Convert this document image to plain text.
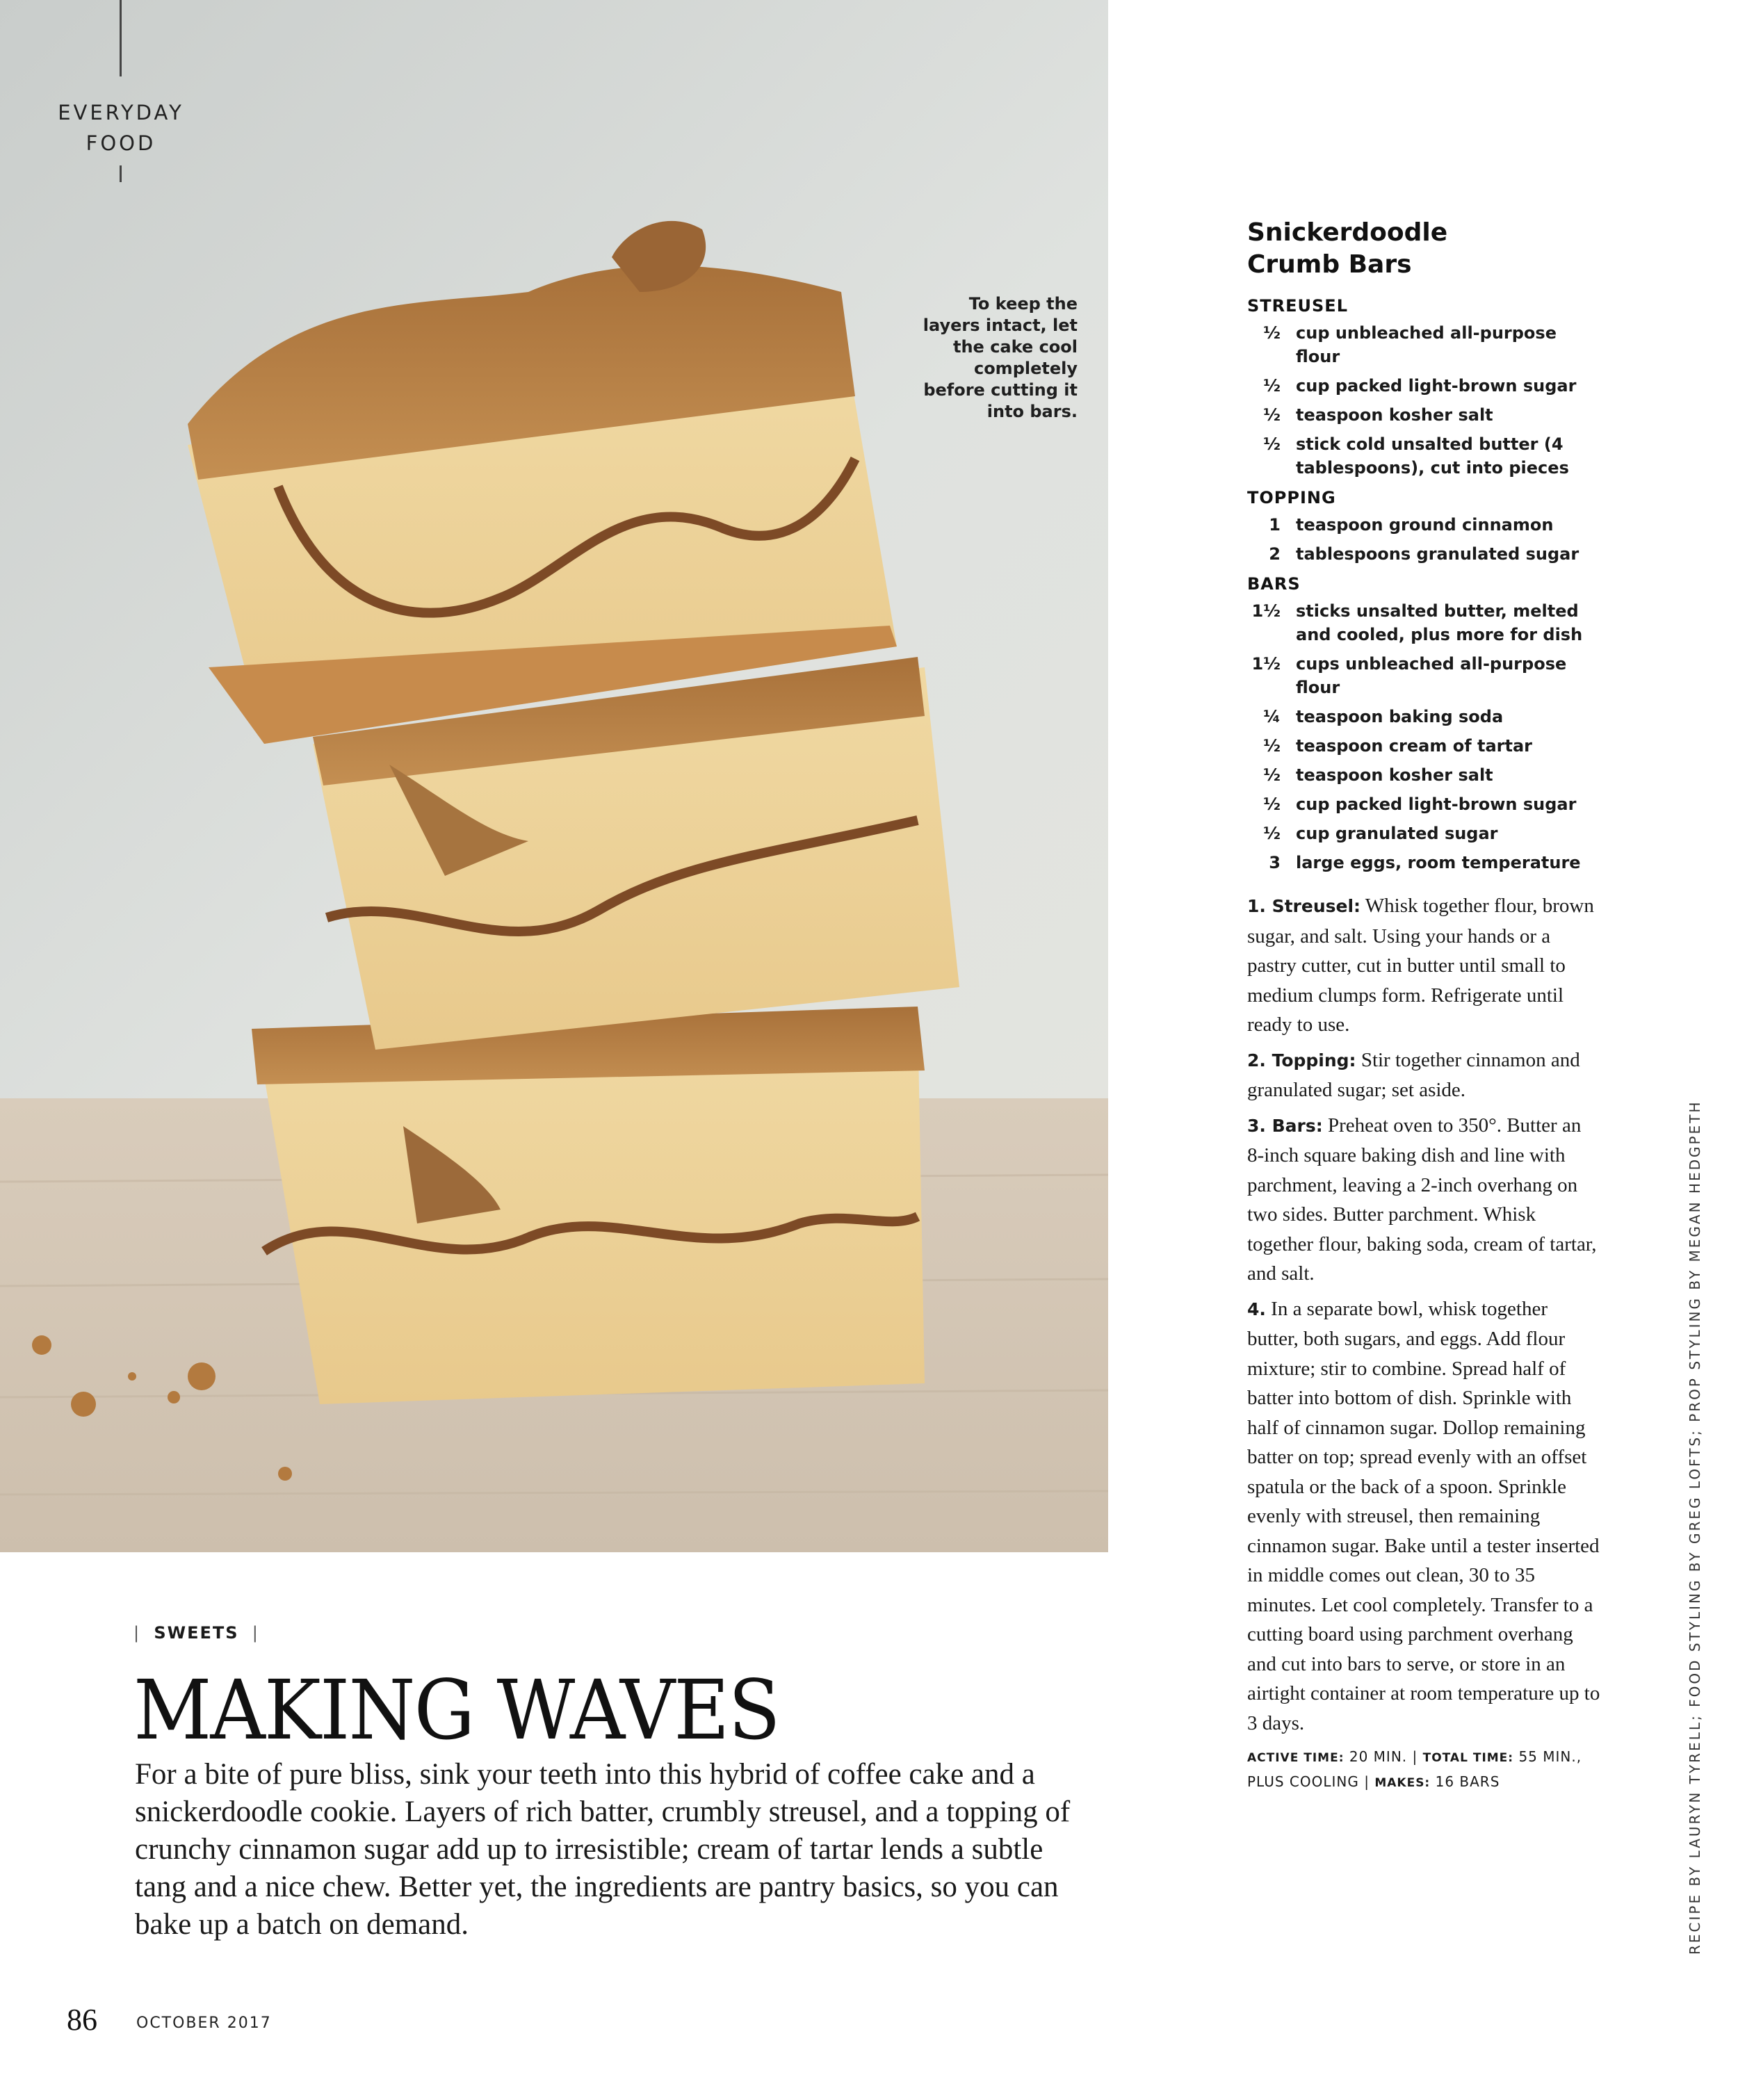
EVERYDAY
FOOD
To keep the layers intact, let the cake cool completely before cutting it into bars.
|  SWEETS  |
MAKING WAVES

For a bite of pure bliss, sink your teeth into this hybrid of coffee cake and a snickerdoodle cookie. Layers of rich batter, crumbly streusel, and a topping of crunchy cinnamon sugar add up to irresistible; cream of tartar lends a subtle tang and a nice chew. Better yet, the ingredients are pantry basics, so you can bake up a batch on demand.

86	OCTOBER 2017
Snickerdoodle
Crumb Bars
STREUSEL
½ cup unbleached all-purpose flour
½ cup packed light-brown sugar
½ teaspoon kosher salt
½ stick cold unsalted butter (4 tablespoons), cut into pieces
TOPPING
1 teaspoon ground cinnamon
2 tablespoons granulated sugar
BARS
1½ sticks unsalted butter, melted and cooled, plus more for dish
1½ cups unbleached all-purpose flour
¼ teaspoon baking soda
½ teaspoon cream of tartar
½ teaspoon kosher salt
½ cup packed light-brown sugar
½ cup granulated sugar
3 large eggs, room temperature

1. Streusel: Whisk together flour, brown sugar, and salt. Using your hands or a pastry cutter, cut in butter until small to medium clumps form. Refrigerate until ready to use.

2. Topping: Stir together cinnamon and granulated sugar; set aside.

3. Bars: Preheat oven to 350°. Butter an 8-inch square baking dish and line with parchment, leaving a 2-inch overhang on two sides. Butter parchment. Whisk together flour, baking soda, cream of tartar, and salt.

4. In a separate bowl, whisk together butter, both sugars, and eggs. Add flour mixture; stir to combine. Spread half of batter into bottom of dish. Sprinkle with half of cinnamon sugar. Dollop remaining batter on top; spread evenly with an offset spatula or the back of a spoon. Sprinkle evenly with streusel, then remaining cinnamon sugar. Bake until a tester inserted in middle comes out clean, 30 to 35 minutes. Let cool completely. Transfer to a cutting board using parchment overhang and cut into bars to serve, or store in an airtight container at room temperature up to 3 days.

ACTIVE TIME: 20 MIN. | TOTAL TIME: 55 MIN., PLUS COOLING | MAKES: 16 BARS	RECIPE BY LAURYN TYRELL; FOOD STYLING BY GREG LOFTS; PROP STYLING BY MEGAN HEDGPETH
